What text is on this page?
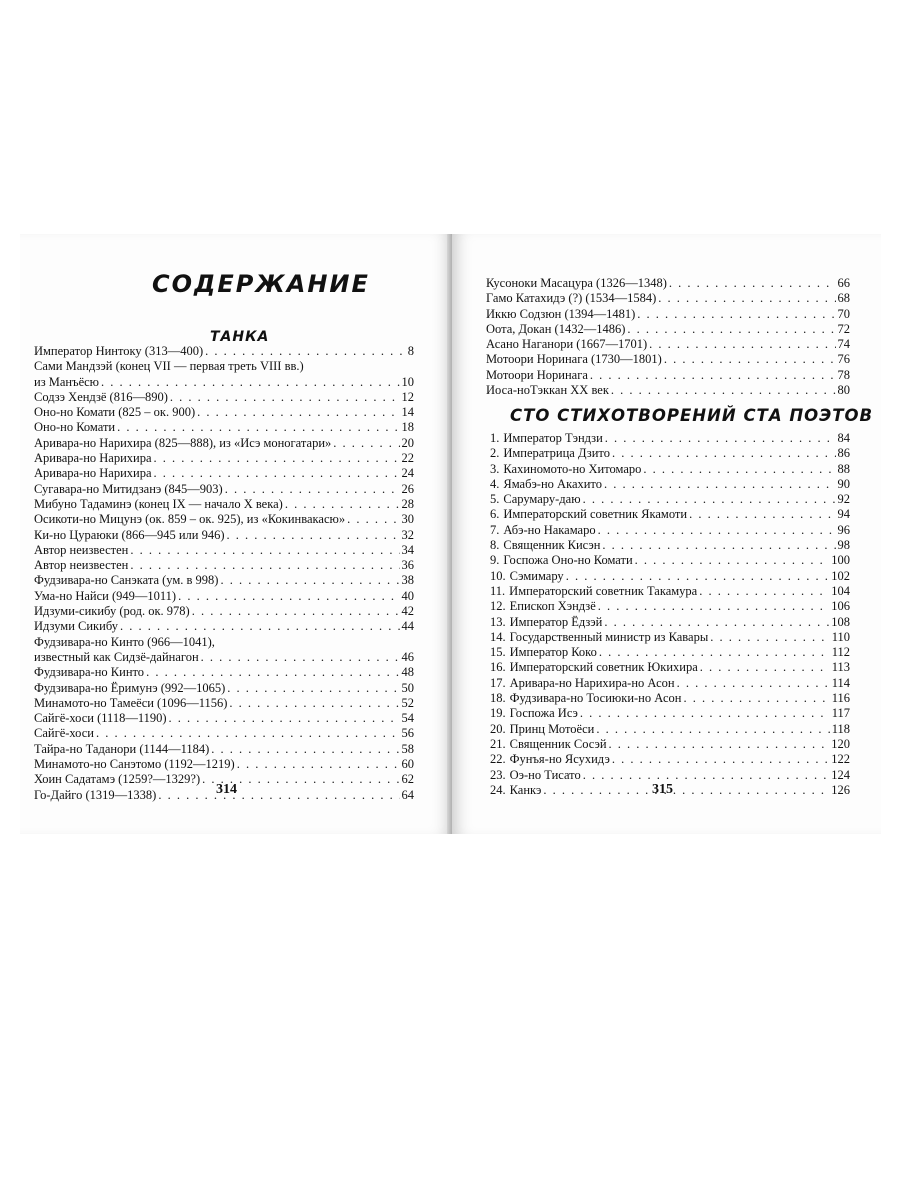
СОДЕРЖАНИЕ
ТАНКА
Император Нинтоку (313—400) . . .	8
Сами Мандзэй (конец VII — первая треть VIII вв.)
из Манъёсю . . .	10
Содзэ Хендзё (816—890) . . .	12
Оно-но Комати (825 – ок. 900) . . .	14
Оно-но Комати . . .	18
Аривара-но Нарихира (825—888), из «Исэ моногатари» . . .	20
Аривара-но Нарихира . . .	22
Аривара-но Нарихира . . .	24
Сугавара-но Митидзанэ (845—903) . . .	26
Мибуно Тадаминэ (конец IX — начало X века) . . .	28
Осикоти-но Мицунэ (ок. 859 – ок. 925), из «Кокинвакасю» . . .	30
Ки-но Цураюки (866—945 или 946) . . .	32
Автор неизвестен . . .	34
Автор неизвестен . . .	36
Фудзивара-но Санэката (ум. в 998) . . .	38
Ума-но Найси (949—1011) . . .	40
Идзуми-сикибу (род. ок. 978) . . .	42
Идзуми Сикибу . . .	44
Фудзивара-но Кинто (966—1041),
известный как Сидзё-дайнагон . . .	46
Фудзивара-но Кинто . . .	48
Фудзивара-но Ёримунэ (992—1065) . . .	50
Минамото-но Тамеёси (1096—1156) . . .	52
Сайгё-хоси (1118—1190) . . .	54
Сайгё-хоси . . .	56
Тайра-но Таданори (1144—1184) . . .	58
Минамото-но Санэтомо (1192—1219) . . .	60
Хоин Садатамэ (1259?—1329?) . . .	62
Го-Дайго (1319—1338) . . .	64
314
Кусоноки Масацура (1326—1348) . . .	66
Гамо Катахидэ (?) (1534—1584) . . .	68
Иккю Содзюн (1394—1481) . . .	70
Оота, Докан (1432—1486) . . .	72
Асано Наганори (1667—1701) . . .	74
Мотоори Норинага (1730—1801) . . .	76
Мотоори Норинага . . .	78
Иоса-ноТэккан XX век . . .	80
СТО СТИХОТВОРЕНИЙ СТА ПОЭТОВ
1. Император Тэндзи . . .	84
2. Императрица Дзито . . .	86
3. Кахиномото-но Хитомаро . . .	88
4. Ямабэ-но Акахито . . .	90
5. Сарумару-даю . . .	92
6. Императорский советник Якамоти . . .	94
7. Абэ-но Накамаро . . .	96
8. Священник Кисэн . . .	98
9. Госпожа Оно-но Комати . . .	100
10. Сэмимару . . .	102
11. Императорский советник Такамура . . .	104
12. Епископ Хэндзё . . .	106
13. Император Ёдзэй . . .	108
14. Государственный министр из Кавары . . .	110
15. Император Коко . . .	112
16. Императорский советник Юкихира . . .	113
17. Аривара-но Нарихира-но Асон . . .	114
18. Фудзивара-но Тосиюки-но Асон . . .	116
19. Госпожа Исэ . . .	117
20. Принц Мотоёси . . .	118
21. Священник Сосэй . . .	120
22. Фунъя-но Ясухидэ . . .	122
23. Оэ-но Тисато . . .	124
24. Канкэ . . .	126
315
